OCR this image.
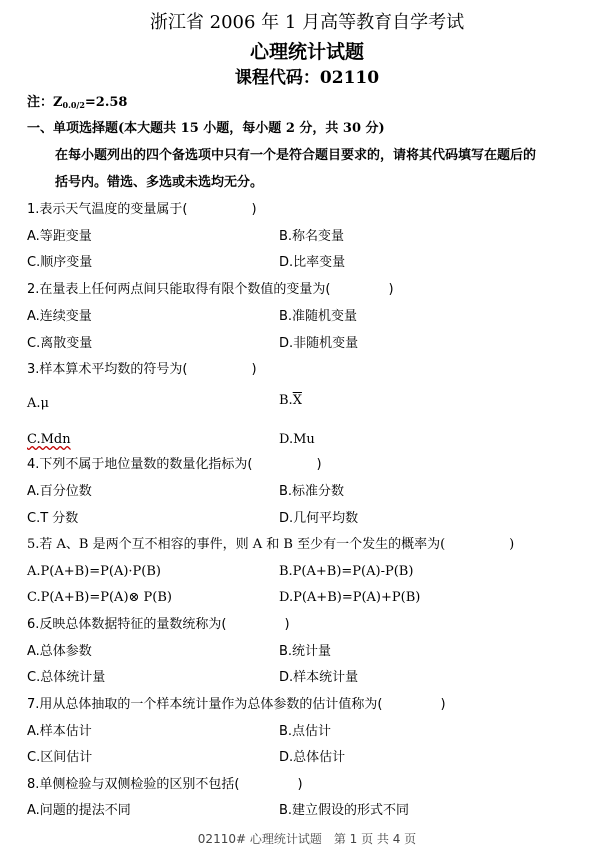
浙江省 2006 年 1 月高等教育自学考试
心理统计试题
课程代码：02110
注：$Z_{0.0/2}=2.58$
一、单项选择题(本大题共 15 小题，每小题 2 分，共 30 分)
在每小题列出的四个备选项中只有一个是符合题目要求的，请将其代码填写在题后的
括号内。错选、多选或未选均无分。
1.表示天气温度的变量属于(	)
A.等距变量	B.称名变量
C.顺序变量	D.比率变量
2.在量表上任何两点间只能取得有限个数值的变量为(	)
A.连续变量	B.准随机变量
C.离散变量	D.非随机变量
3.样本算术平均数的符号为(	)
A.μ	$B.\overline{X}$
C.Mdn	D.Mu
4.下列不属于地位量数的数量化指标为(	)
A.百分位数	B.标准分数
C.T 分数	D.几何平均数
5.若 A、B 是两个互不相容的事件，则 A 和 B 至少有一个发生的概率为(	)
A.P(A+B)=P(A)·P(B)	B.P(A+B)=P(A)-P(B)
C.P(A+B)=P(A)⊗ P(B)	D.P(A+B)=P(A)+P(B)
6.反映总体数据特征的量数统称为(	)
A.总体参数	B.统计量
C.总体统计量	D.样本统计量
7.用从总体抽取的一个样本统计量作为总体参数的估计值称为(	)
A.样本估计	B.点估计
C.区间估计	D.总体估计
8.单侧检验与双侧检验的区别不包括(	)
A.问题的提法不同	B.建立假设的形式不同
02110# 心理统计试题　第 1 页 共 4 页
